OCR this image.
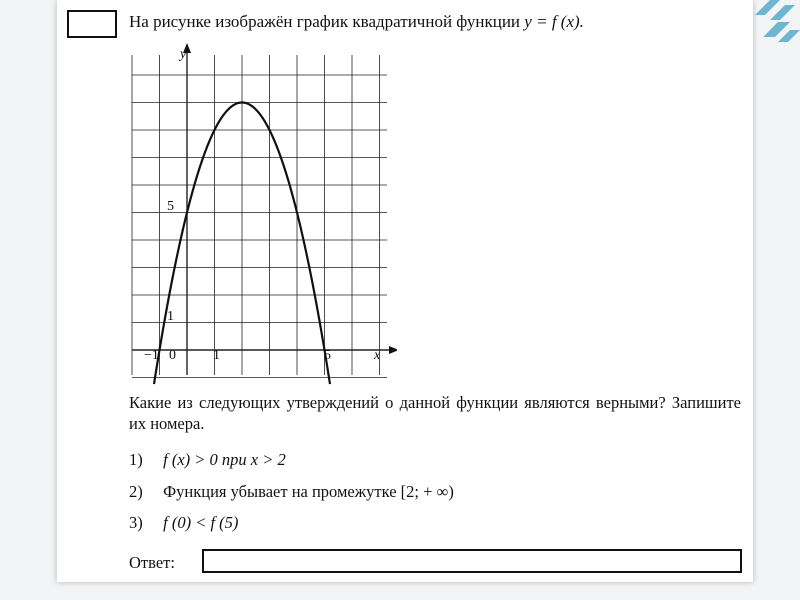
На рисунке изображён график квадратичной функции y = f (x).
y
x
−1 0	1	5
1
5
Какие из следующих утверждений о данной функции являются верными? Запишите их номера.
1) f (x) > 0 при x > 2
2) Функция убывает на промежутке [2; + ∞)
3) f (0) < f (5)
Ответ:
